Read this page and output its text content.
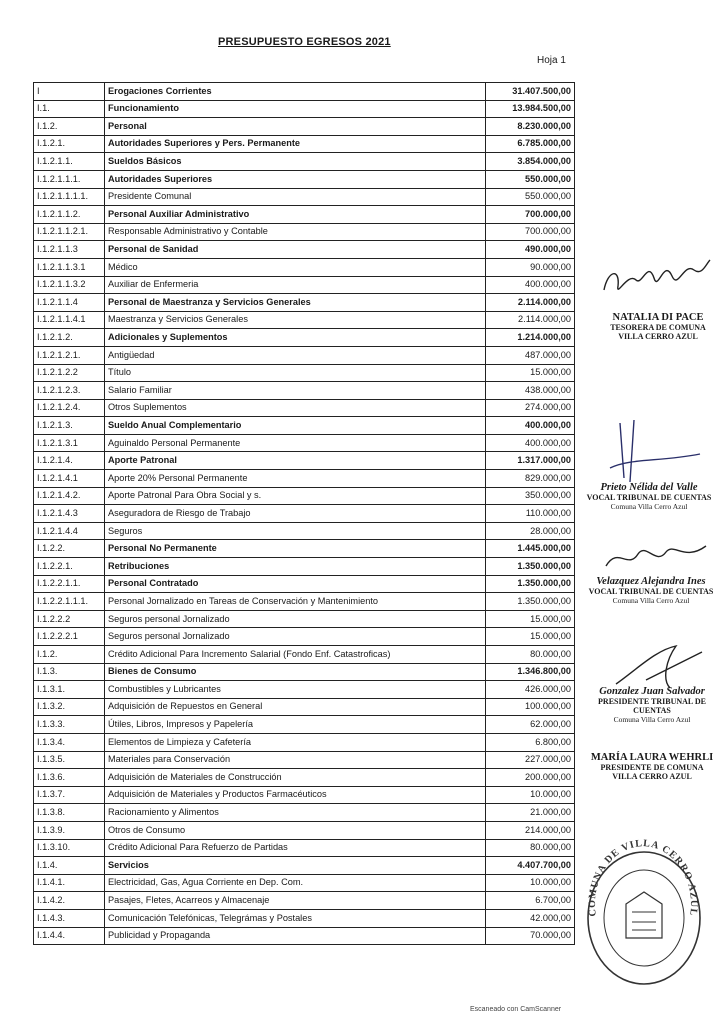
PRESUPUESTO EGRESOS 2021
Hoja 1
I	Erogaciones Corrientes	31.407.500,00
I.1.	Funcionamiento	13.984.500,00
I.1.2.	Personal	8.230.000,00
I.1.2.1.	Autoridades Superiores y Pers. Permanente	6.785.000,00
I.1.2.1.1.	Sueldos Básicos	3.854.000,00
I.1.2.1.1.1.	Autoridades Superiores	550.000,00
I.1.2.1.1.1.1.	Presidente Comunal	550.000,00
I.1.2.1.1.2.	Personal Auxiliar Administrativo	700.000,00
I.1.2.1.1.2.1.	Responsable Administrativo y Contable	700.000,00
I.1.2.1.1.3	Personal de Sanidad	490.000,00
I.1.2.1.1.3.1	Médico	90.000,00
I.1.2.1.1.3.2	Auxiliar de Enfermeria	400.000,00
I.1.2.1.1.4	Personal de Maestranza y Servicios Generales	2.114.000,00
I.1.2.1.1.4.1	Maestranza y Servicios Generales	2.114.000,00
I.1.2.1.2.	Adicionales y Suplementos	1.214.000,00
I.1.2.1.2.1.	Antigüedad	487.000,00
I.1.2.1.2.2	Título	15.000,00
I.1.2.1.2.3.	Salario Familiar	438.000,00
I.1.2.1.2.4.	Otros Suplementos	274.000,00
I.1.2.1.3.	Sueldo Anual Complementario	400.000,00
I.1.2.1.3.1	Aguinaldo Personal Permanente	400.000,00
I.1.2.1.4.	Aporte Patronal	1.317.000,00
I.1.2.1.4.1	Aporte 20% Personal Permanente	829.000,00
I.1.2.1.4.2.	Aporte Patronal Para Obra Social y s.	350.000,00
I.1.2.1.4.3	Aseguradora de Riesgo de Trabajo	110.000,00
I.1.2.1.4.4	Seguros	28.000,00
I.1.2.2.	Personal No Permanente	1.445.000,00
I.1.2.2.1.	Retribuciones	1.350.000,00
I.1.2.2.1.1.	Personal Contratado	1.350.000,00
I.1.2.2.1.1.1.	Personal Jornalizado en Tareas de Conservación y Mantenimiento	1.350.000,00
I.1.2.2.2	Seguros personal Jornalizado	15.000,00
I.1.2.2.2.1	Seguros personal Jornalizado	15.000,00
I.1.2.	Crédito Adicional Para Incremento Salarial (Fondo Enf. Catastroficas)	80.000,00
I.1.3.	Bienes de Consumo	1.346.800,00
I.1.3.1.	Combustibles y Lubricantes	426.000,00
I.1.3.2.	Adquisición de Repuestos en General	100.000,00
I.1.3.3.	Útiles, Libros, Impresos y Papelería	62.000,00
I.1.3.4.	Elementos de Limpieza y Cafetería	6.800,00
I.1.3.5.	Materiales para Conservación	227.000,00
I.1.3.6.	Adquisición de Materiales de Construcción	200.000,00
I.1.3.7.	Adquisición de Materiales y Productos Farmacéuticos	10.000,00
I.1.3.8.	Racionamiento y Alimentos	21.000,00
I.1.3.9.	Otros de Consumo	214.000,00
I.1.3.10.	Crédito Adicional Para Refuerzo de Partidas	80.000,00
I.1.4.	Servicios	4.407.700,00
I.1.4.1.	Electricidad, Gas, Agua Corriente en Dep. Com.	10.000,00
I.1.4.2.	Pasajes, Fletes, Acarreos y Almacenaje	6.700,00
I.1.4.3.	Comunicación Telefónicas, Telegrámas y Postales	42.000,00
I.1.4.4.	Publicidad y Propaganda	70.000,00
NATALIA DI PACE
TESORERA DE COMUNA
VILLA CERRO AZUL
Prieto Nélida del Valle
VOCAL TRIBUNAL DE CUENTAS
Comuna Villa Cerro Azul
Velazquez Alejandra Ines
VOCAL TRIBUNAL DE CUENTAS
Comuna Villa Cerro Azul
Gonzalez Juan Salvador
PRESIDENTE TRIBUNAL DE CUENTAS
Comuna Villa Cerro Azul
MARÍA LAURA WEHRLI
PRESIDENTE DE COMUNA
VILLA CERRO AZUL
COMUNA DE VILLA CERRO AZUL
Escaneado con CamScanner
